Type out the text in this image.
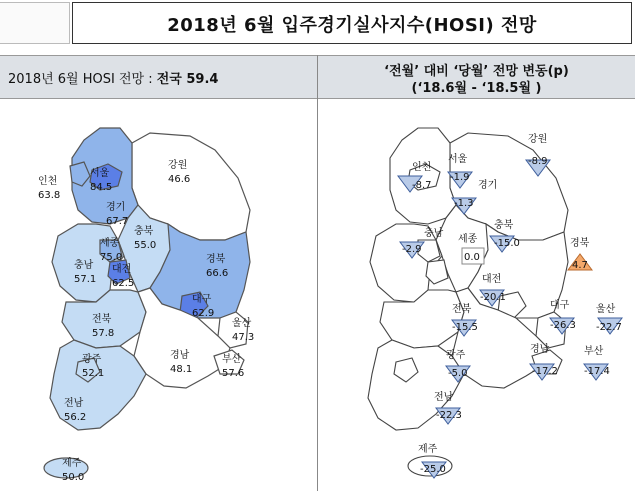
2018년 6월 입주경기실사지수(HOSI) 전망
2018년 6월 HOSI 전망 : 전국 59.4
‘전월’ 대비 ‘당월’ 전망 변동(p)
(‘18.6월 - ‘18.5월 )
인천
63.8
서울
84.5
강원
46.6
경기
67.7
충북
55.0
세종
75.0
충남
57.1
대전
62.5
경북
66.6
대구
62.9
울산
47.3
전북
57.8
경남
48.1
부산
57.6
광주
52.1
전남
56.2
제주
50.0
강원
-8.9
인천
-8.7
서울
-1.9
경기
-1.3
충남
-2.9
세종
0.0
충북
-15.0	경북
4.7
대전
-20.1
전북
-15.5
대구
-26.3
울산
-22.7
광주
-5.0
경남
-17.2
부산
-17.4
전남
-22.3
제주
-25.0
